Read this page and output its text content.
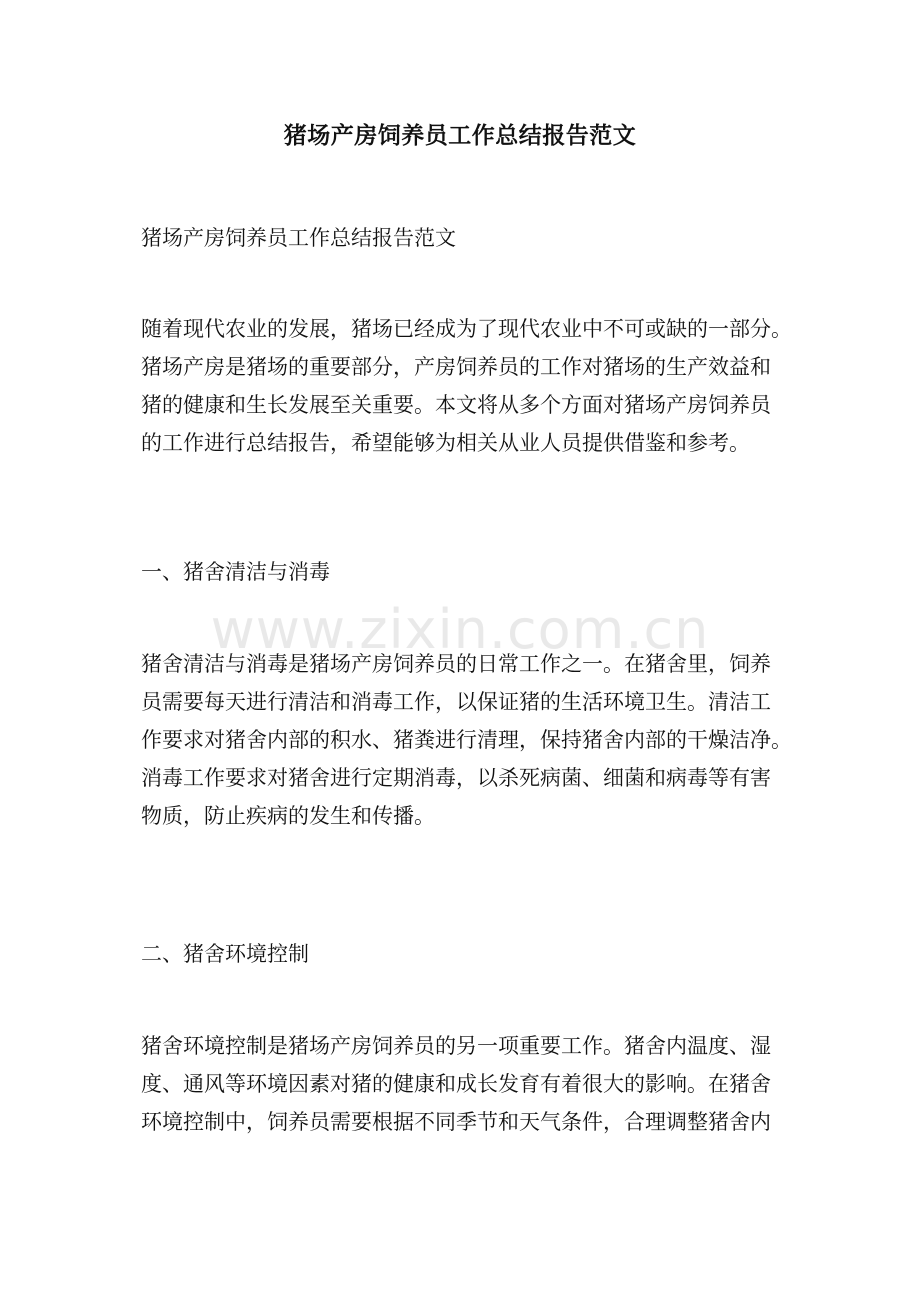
猪场产房饲养员工作总结报告范文
猪场产房饲养员工作总结报告范文
随着现代农业的发展，猪场已经成为了现代农业中不可或缺的一部分。
猪场产房是猪场的重要部分，产房饲养员的工作对猪场的生产效益和
猪的健康和生长发展至关重要。本文将从多个方面对猪场产房饲养员
的工作进行总结报告，希望能够为相关从业人员提供借鉴和参考。
一、猪舍清洁与消毒
猪舍清洁与消毒是猪场产房饲养员的日常工作之一。在猪舍里，饲养
员需要每天进行清洁和消毒工作，以保证猪的生活环境卫生。清洁工
作要求对猪舍内部的积水、猪粪进行清理，保持猪舍内部的干燥洁净。
消毒工作要求对猪舍进行定期消毒，以杀死病菌、细菌和病毒等有害
物质，防止疾病的发生和传播。
二、猪舍环境控制
猪舍环境控制是猪场产房饲养员的另一项重要工作。猪舍内温度、湿
度、通风等环境因素对猪的健康和成长发育有着很大的影响。在猪舍
环境控制中，饲养员需要根据不同季节和天气条件，合理调整猪舍内
www.zixin.com.cn
